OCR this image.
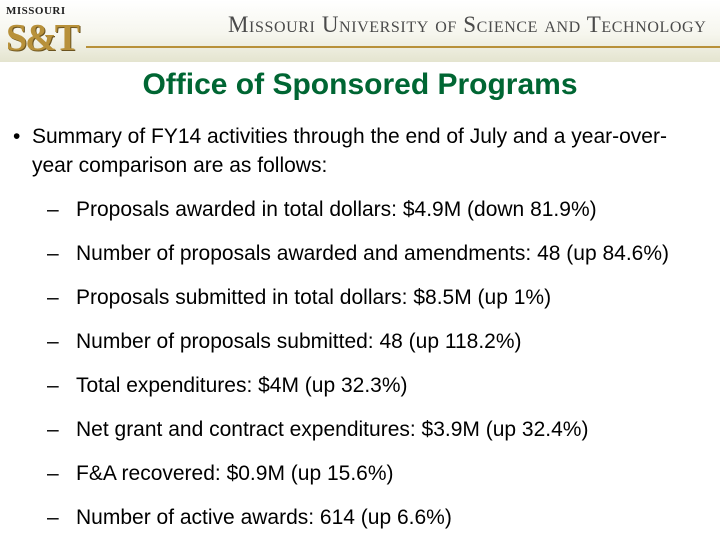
MISSOURI
S&T	Missouri University of Science and Technology
Office of Sponsored Programs
• Summary of FY14 activities through the end of July and a year-over-year comparison are as follows:
– Proposals awarded in total dollars: $4.9M (down 81.9%)
– Number of proposals awarded and amendments: 48 (up 84.6%)
– Proposals submitted in total dollars: $8.5M (up 1%)
– Number of proposals submitted: 48 (up 118.2%)
– Total expenditures: $4M (up 32.3%)
– Net grant and contract expenditures: $3.9M (up 32.4%)
– F&A recovered: $0.9M (up 15.6%)
– Number of active awards: 614 (up 6.6%)
